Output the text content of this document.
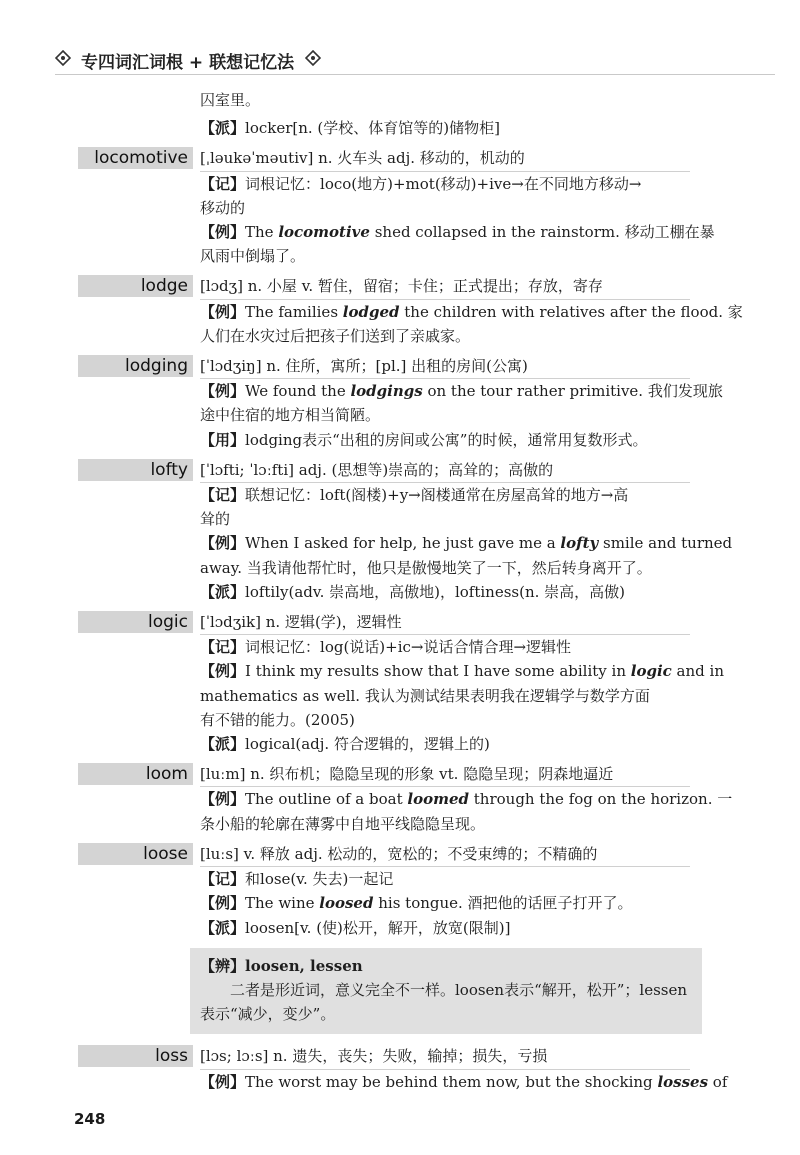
专四词汇词根 + 联想记忆法
囚室里。
【派】locker[n. (学校、体育馆等的)储物柜]
locomotive [ˌləukəˈməutiv] n. 火车头 adj. 移动的，机动的
【记】词根记忆：loco(地方)+mot(移动)+ive→在不同地方移动→
移动的
【例】The locomotive shed collapsed in the rainstorm. 移动工棚在暴
风雨中倒塌了。
lodge [lɔdʒ] n. 小屋 v. 暂住，留宿；卡住；正式提出；存放，寄存
【例】The families lodged the children with relatives after the flood. 家
人们在水灾过后把孩子们送到了亲戚家。
lodging [ˈlɔdʒiŋ] n. 住所，寓所；[pl.] 出租的房间(公寓)
【例】We found the lodgings on the tour rather primitive. 我们发现旅
途中住宿的地方相当简陋。
【用】lodging表示“出租的房间或公寓”的时候，通常用复数形式。
lofty [ˈlɔfti; ˈlɔːfti] adj. (思想等)崇高的；高耸的；高傲的
【记】联想记忆：loft(阁楼)+y→阁楼通常在房屋高耸的地方→高
耸的
【例】When I asked for help, he just gave me a lofty smile and turned
away. 当我请他帮忙时，他只是傲慢地笑了一下，然后转身离开了。
【派】loftily(adv. 崇高地，高傲地)，loftiness(n. 崇高，高傲)
logic [ˈlɔdʒik] n. 逻辑(学)，逻辑性
【记】词根记忆：log(说话)+ic→说话合情合理→逻辑性
【例】I think my results show that I have some ability in logic and in
mathematics as well. 我认为测试结果表明我在逻辑学与数学方面
有不错的能力。(2005)
【派】logical(adj. 符合逻辑的，逻辑上的)
loom [luːm] n. 织布机；隐隐呈现的形象 vt. 隐隐呈现；阴森地逼近
【例】The outline of a boat loomed through the fog on the horizon. 一
条小船的轮廓在薄雾中自地平线隐隐呈现。
loose [luːs] v. 释放 adj. 松动的，宽松的；不受束缚的；不精确的
【记】和lose(v. 失去)一起记
【例】The wine loosed his tongue. 酒把他的话匣子打开了。
【派】loosen[v. (使)松开，解开，放宽(限制)]
【辨】loosen, lessen
二者是形近词，意义完全不一样。loosen表示“解开，松开”；lessen表示“减少，变少”。
loss [lɔs; lɔːs] n. 遗失，丧失；失败，输掉；损失，亏损
【例】The worst may be behind them now, but the shocking losses of
248
